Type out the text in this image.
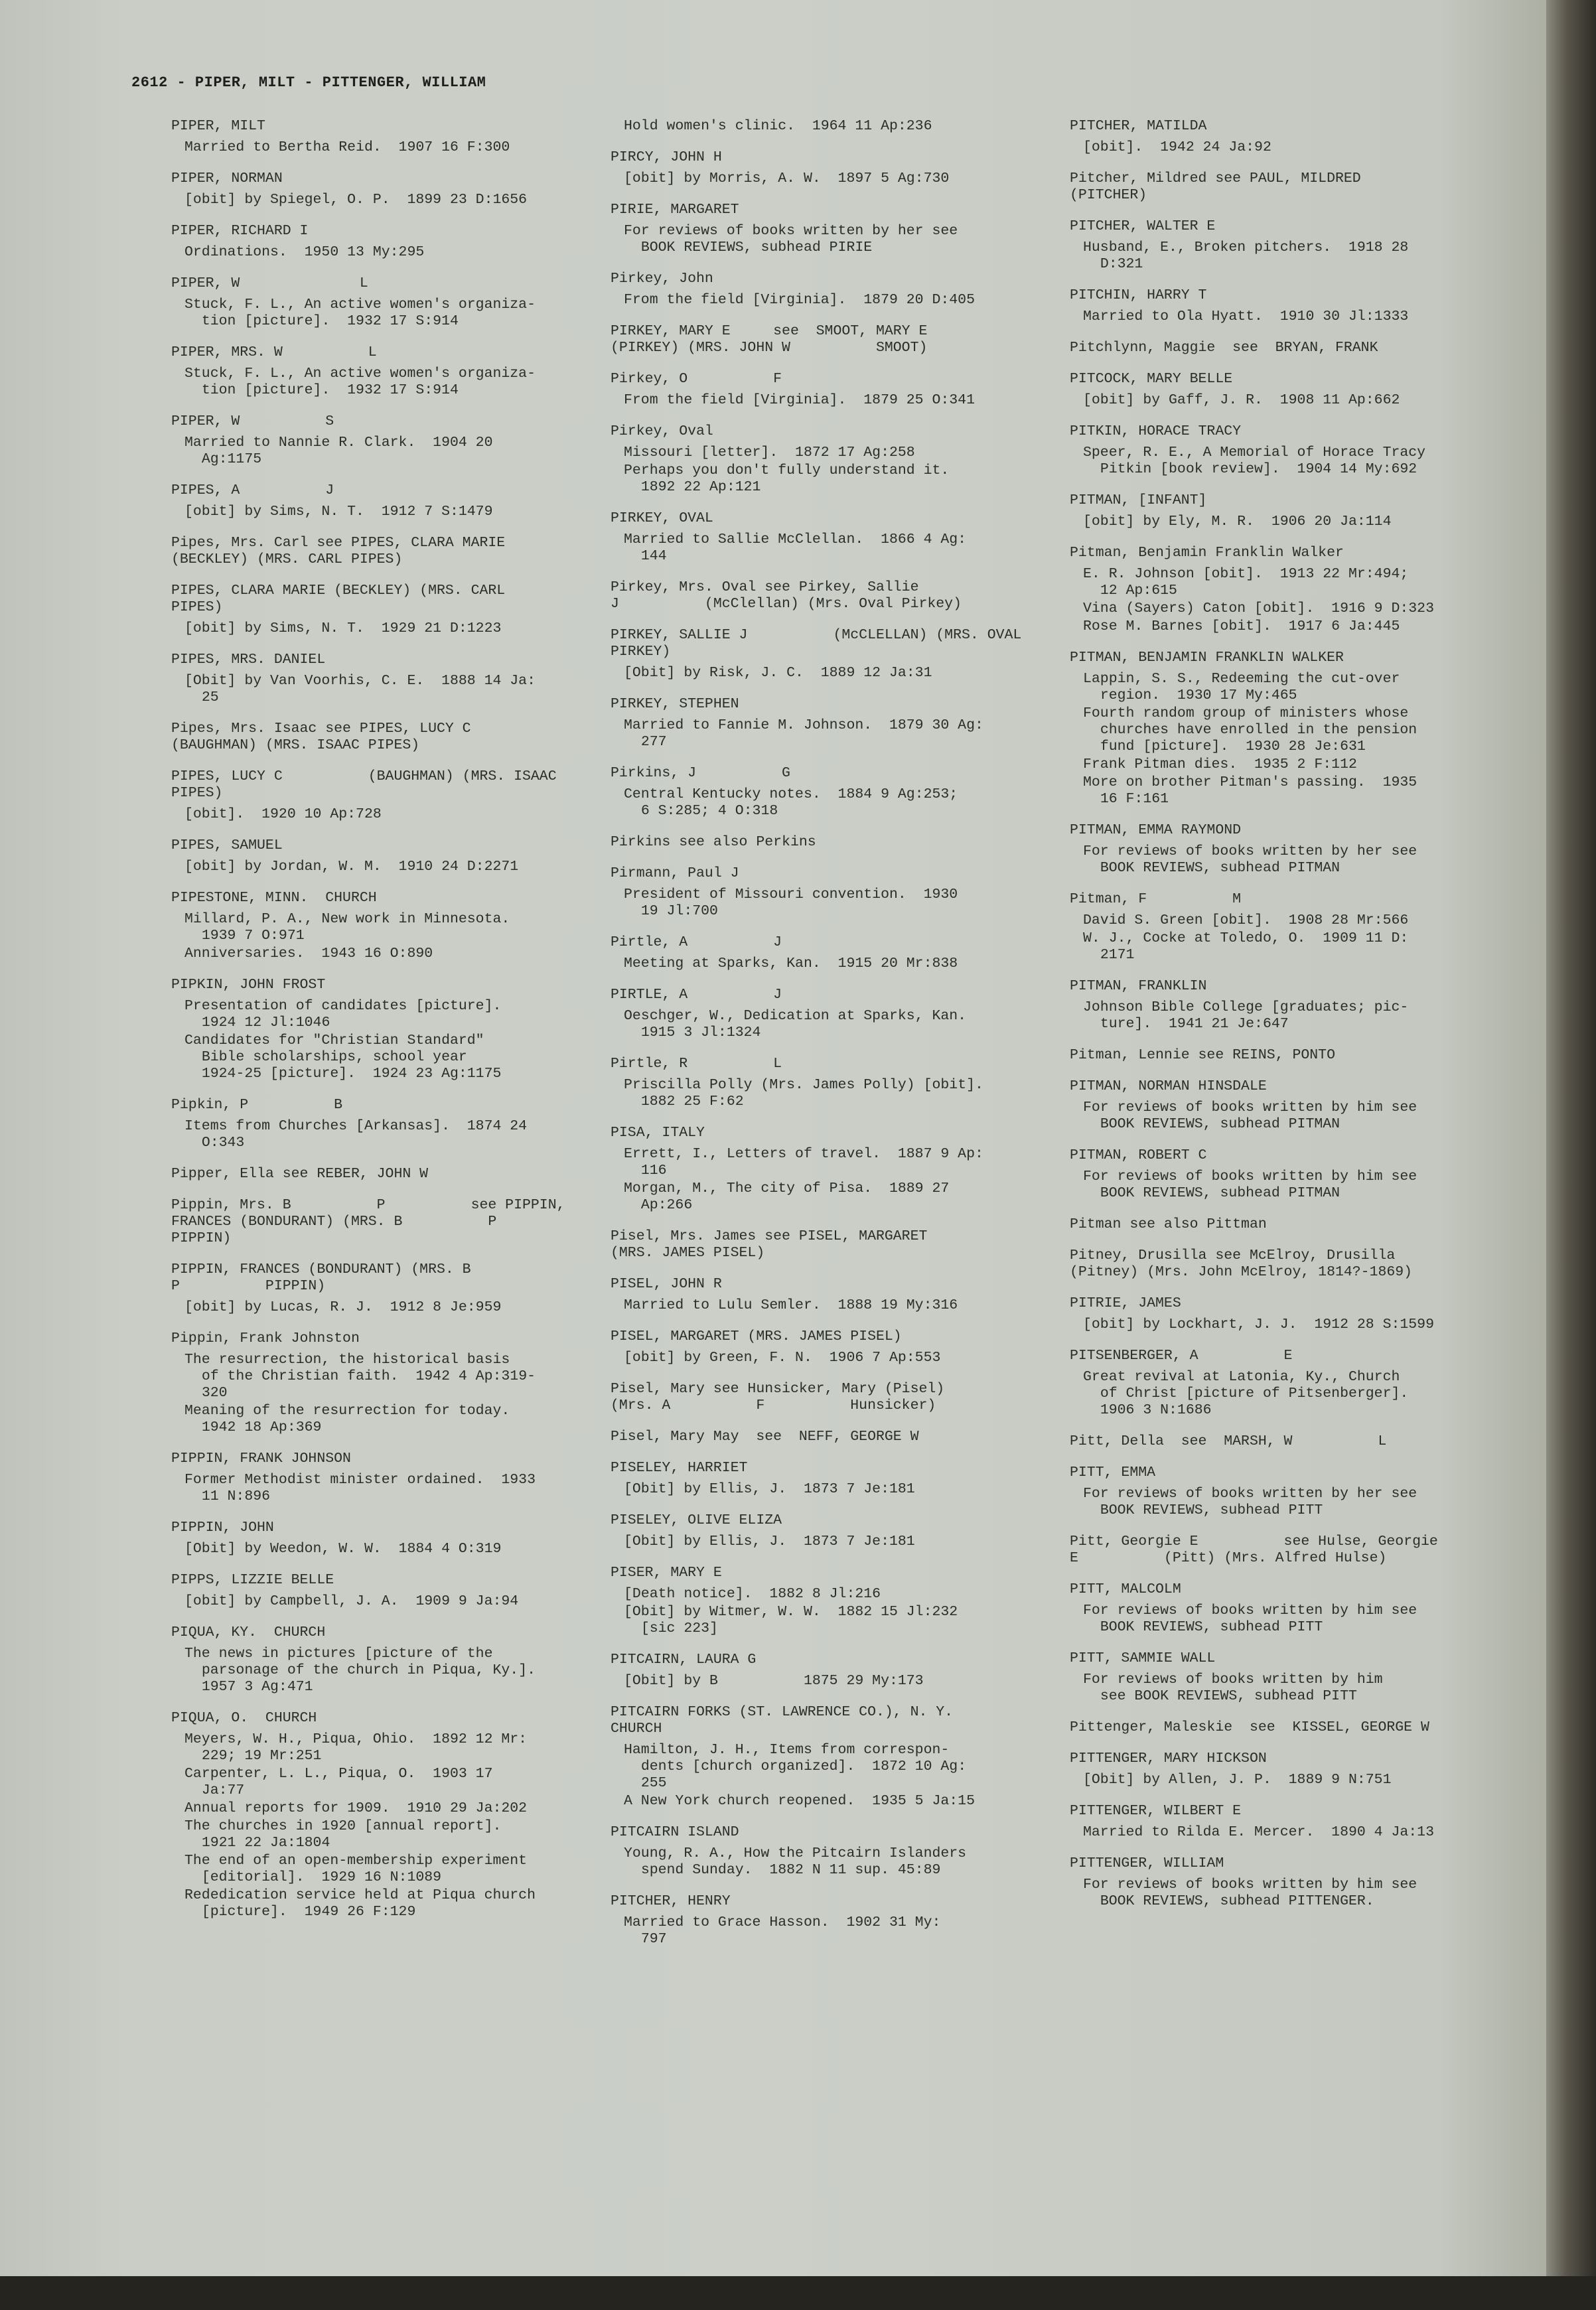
2612 - PIPER, MILT - PITTENGER, WILLIAM
PIPER, MILT
Married to Bertha Reid.  1907 16 F:300
PIPER, NORMAN
[obit] by Spiegel, O. P.  1899 23 D:1656
PIPER, RICHARD I
Ordinations.  1950 13 My:295
PIPER, W              L
Stuck, F. L., An active women's organiza-
tion [picture].  1932 17 S:914
PIPER, MRS. W          L
Stuck, F. L., An active women's organiza-
tion [picture].  1932 17 S:914
PIPER, W          S
Married to Nannie R. Clark.  1904 20
Ag:1175
PIPES, A          J
[obit] by Sims, N. T.  1912 7 S:1479
Pipes, Mrs. Carl see PIPES, CLARA MARIE
(BECKLEY) (MRS. CARL PIPES)
PIPES, CLARA MARIE (BECKLEY) (MRS. CARL
PIPES)
[obit] by Sims, N. T.  1929 21 D:1223
PIPES, MRS. DANIEL
[Obit] by Van Voorhis, C. E.  1888 14 Ja:
25
Pipes, Mrs. Isaac see PIPES, LUCY C
(BAUGHMAN) (MRS. ISAAC PIPES)
PIPES, LUCY C          (BAUGHMAN) (MRS. ISAAC
PIPES)
[obit].  1920 10 Ap:728
PIPES, SAMUEL
[obit] by Jordan, W. M.  1910 24 D:2271
PIPESTONE, MINN.  CHURCH
Millard, P. A., New work in Minnesota.
1939 7 O:971
Anniversaries.  1943 16 O:890
PIPKIN, JOHN FROST
Presentation of candidates [picture].
1924 12 Jl:1046
Candidates for "Christian Standard"
Bible scholarships, school year
1924-25 [picture].  1924 23 Ag:1175
Pipkin, P          B
Items from Churches [Arkansas].  1874 24
O:343
Pipper, Ella see REBER, JOHN W
Pippin, Mrs. B          P          see PIPPIN,
FRANCES (BONDURANT) (MRS. B          P
PIPPIN)
PIPPIN, FRANCES (BONDURANT) (MRS. B
P          PIPPIN)
[obit] by Lucas, R. J.  1912 8 Je:959
Pippin, Frank Johnston
The resurrection, the historical basis
of the Christian faith.  1942 4 Ap:319-
320
Meaning of the resurrection for today.
1942 18 Ap:369
PIPPIN, FRANK JOHNSON
Former Methodist minister ordained.  1933
11 N:896
PIPPIN, JOHN
[Obit] by Weedon, W. W.  1884 4 O:319
PIPPS, LIZZIE BELLE
[obit] by Campbell, J. A.  1909 9 Ja:94
PIQUA, KY.  CHURCH
The news in pictures [picture of the
parsonage of the church in Piqua, Ky.].
1957 3 Ag:471
PIQUA, O.  CHURCH
Meyers, W. H., Piqua, Ohio.  1892 12 Mr:
229; 19 Mr:251
Carpenter, L. L., Piqua, O.  1903 17
Ja:77
Annual reports for 1909.  1910 29 Ja:202
The churches in 1920 [annual report].
1921 22 Ja:1804
The end of an open-membership experiment
[editorial].  1929 16 N:1089
Rededication service held at Piqua church
[picture].  1949 26 F:129
Hold women's clinic.  1964 11 Ap:236
PIRCY, JOHN H
[obit] by Morris, A. W.  1897 5 Ag:730
PIRIE, MARGARET
For reviews of books written by her see
BOOK REVIEWS, subhead PIRIE
Pirkey, John
From the field [Virginia].  1879 20 D:405
PIRKEY, MARY E     see  SMOOT, MARY E
(PIRKEY) (MRS. JOHN W          SMOOT)
Pirkey, O          F
From the field [Virginia].  1879 25 O:341
Pirkey, Oval
Missouri [letter].  1872 17 Ag:258
Perhaps you don't fully understand it.
1892 22 Ap:121
PIRKEY, OVAL
Married to Sallie McClellan.  1866 4 Ag:
144
Pirkey, Mrs. Oval see Pirkey, Sallie
J          (McClellan) (Mrs. Oval Pirkey)
PIRKEY, SALLIE J          (McCLELLAN) (MRS. OVAL
PIRKEY)
[Obit] by Risk, J. C.  1889 12 Ja:31
PIRKEY, STEPHEN
Married to Fannie M. Johnson.  1879 30 Ag:
277
Pirkins, J          G
Central Kentucky notes.  1884 9 Ag:253;
6 S:285; 4 O:318
Pirkins see also Perkins
Pirmann, Paul J
President of Missouri convention.  1930
19 Jl:700
Pirtle, A          J
Meeting at Sparks, Kan.  1915 20 Mr:838
PIRTLE, A          J
Oeschger, W., Dedication at Sparks, Kan.
1915 3 Jl:1324
Pirtle, R          L
Priscilla Polly (Mrs. James Polly) [obit].
1882 25 F:62
PISA, ITALY
Errett, I., Letters of travel.  1887 9 Ap:
116
Morgan, M., The city of Pisa.  1889 27
Ap:266
Pisel, Mrs. James see PISEL, MARGARET
(MRS. JAMES PISEL)
PISEL, JOHN R
Married to Lulu Semler.  1888 19 My:316
PISEL, MARGARET (MRS. JAMES PISEL)
[obit] by Green, F. N.  1906 7 Ap:553
Pisel, Mary see Hunsicker, Mary (Pisel)
(Mrs. A          F          Hunsicker)
Pisel, Mary May  see  NEFF, GEORGE W
PISELEY, HARRIET
[Obit] by Ellis, J.  1873 7 Je:181
PISELEY, OLIVE ELIZA
[Obit] by Ellis, J.  1873 7 Je:181
PISER, MARY E
[Death notice].  1882 8 Jl:216
[Obit] by Witmer, W. W.  1882 15 Jl:232
[sic 223]
PITCAIRN, LAURA G
[Obit] by B          1875 29 My:173
PITCAIRN FORKS (ST. LAWRENCE CO.), N. Y.
CHURCH
Hamilton, J. H., Items from correspon-
dents [church organized].  1872 10 Ag:
255
A New York church reopened.  1935 5 Ja:15
PITCAIRN ISLAND
Young, R. A., How the Pitcairn Islanders
spend Sunday.  1882 N 11 sup. 45:89
PITCHER, HENRY
Married to Grace Hasson.  1902 31 My:
797
PITCHER, MATILDA
[obit].  1942 24 Ja:92
Pitcher, Mildred see PAUL, MILDRED
(PITCHER)
PITCHER, WALTER E
Husband, E., Broken pitchers.  1918 28
D:321
PITCHIN, HARRY T
Married to Ola Hyatt.  1910 30 Jl:1333
Pitchlynn, Maggie  see  BRYAN, FRANK
PITCOCK, MARY BELLE
[obit] by Gaff, J. R.  1908 11 Ap:662
PITKIN, HORACE TRACY
Speer, R. E., A Memorial of Horace Tracy
Pitkin [book review].  1904 14 My:692
PITMAN, [INFANT]
[obit] by Ely, M. R.  1906 20 Ja:114
Pitman, Benjamin Franklin Walker
E. R. Johnson [obit].  1913 22 Mr:494;
12 Ap:615
Vina (Sayers) Caton [obit].  1916 9 D:323
Rose M. Barnes [obit].  1917 6 Ja:445
PITMAN, BENJAMIN FRANKLIN WALKER
Lappin, S. S., Redeeming the cut-over
region.  1930 17 My:465
Fourth random group of ministers whose
churches have enrolled in the pension
fund [picture].  1930 28 Je:631
Frank Pitman dies.  1935 2 F:112
More on brother Pitman's passing.  1935
16 F:161
PITMAN, EMMA RAYMOND
For reviews of books written by her see
BOOK REVIEWS, subhead PITMAN
Pitman, F          M
David S. Green [obit].  1908 28 Mr:566
W. J., Cocke at Toledo, O.  1909 11 D:
2171
PITMAN, FRANKLIN
Johnson Bible College [graduates; pic-
ture].  1941 21 Je:647
Pitman, Lennie see REINS, PONTO
PITMAN, NORMAN HINSDALE
For reviews of books written by him see
BOOK REVIEWS, subhead PITMAN
PITMAN, ROBERT C
For reviews of books written by him see
BOOK REVIEWS, subhead PITMAN
Pitman see also Pittman
Pitney, Drusilla see McElroy, Drusilla
(Pitney) (Mrs. John McElroy, 1814?-1869)
PITRIE, JAMES
[obit] by Lockhart, J. J.  1912 28 S:1599
PITSENBERGER, A          E
Great revival at Latonia, Ky., Church
of Christ [picture of Pitsenberger].
1906 3 N:1686
Pitt, Della  see  MARSH, W          L
PITT, EMMA
For reviews of books written by her see
BOOK REVIEWS, subhead PITT
Pitt, Georgie E          see Hulse, Georgie
E          (Pitt) (Mrs. Alfred Hulse)
PITT, MALCOLM
For reviews of books written by him see
BOOK REVIEWS, subhead PITT
PITT, SAMMIE WALL
For reviews of books written by him
see BOOK REVIEWS, subhead PITT
Pittenger, Maleskie  see  KISSEL, GEORGE W
PITTENGER, MARY HICKSON
[Obit] by Allen, J. P.  1889 9 N:751
PITTENGER, WILBERT E
Married to Rilda E. Mercer.  1890 4 Ja:13
PITTENGER, WILLIAM
For reviews of books written by him see
BOOK REVIEWS, subhead PITTENGER.
